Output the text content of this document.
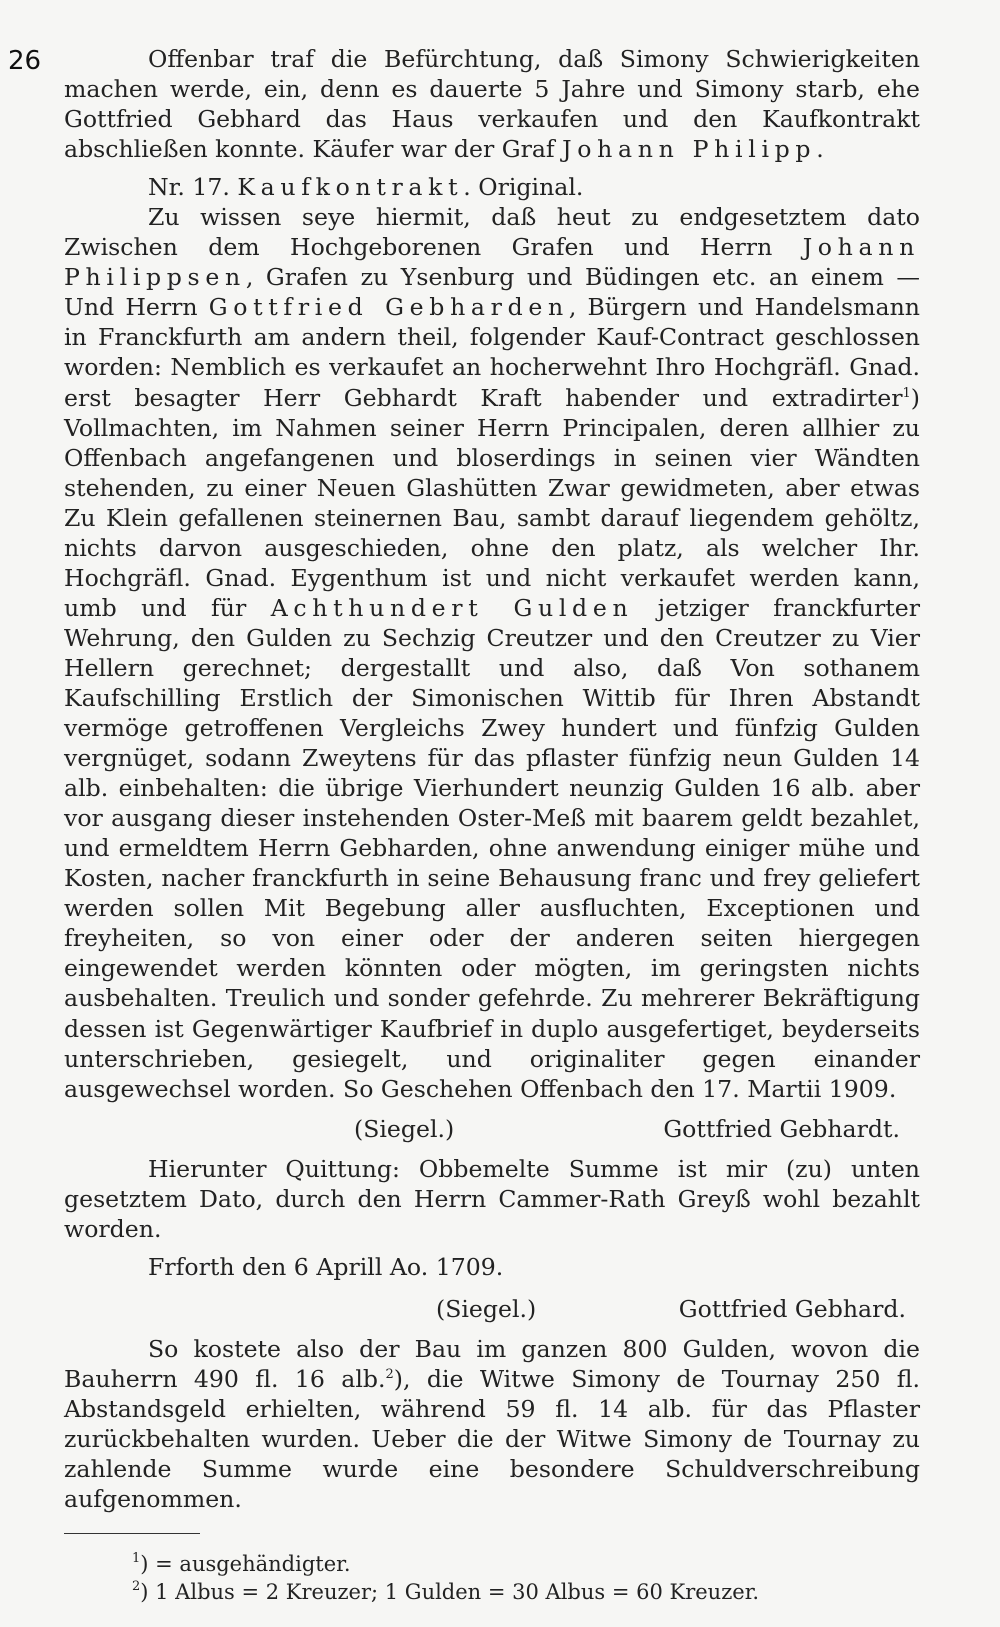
26	Offenbar traf die Befürchtung, daß Simony Schwierigkeiten machen werde, ein, denn es dauerte 5 Jahre und Simony starb, ehe Gottfried Gebhard das Haus verkaufen und den Kaufkontrakt abschließen konnte. Käufer war der Graf Johann Philipp.

Nr. 17. Kaufkontrakt. Original.

Zu wissen seye hiermit, daß heut zu endgesetztem dato Zwischen dem Hochgeborenen Grafen und Herrn Johann Philippsen, Grafen zu Ysenburg und Büdingen etc. an einem — Und Herrn Gottfried Gebharden, Bürgern und Handelsmann in Franckfurth am andern theil, folgender Kauf-Contract geschlossen worden: Nemblich es verkaufet an hocherwehnt Ihro Hochgräfl. Gnad. erst besagter Herr Gebhardt Kraft habender und extradirter$^1$) Vollmachten, im Nahmen seiner Herrn Principalen, deren allhier zu Offenbach angefangenen und bloserdings in seinen vier Wändten stehenden, zu einer Neuen Glashütten Zwar gewidmeten, aber etwas Zu Klein gefallenen steinernen Bau, sambt darauf liegendem gehöltz, nichts darvon ausgeschieden, ohne den platz, als welcher Ihr. Hochgräfl. Gnad. Eygenthum ist und nicht verkaufet werden kann, umb und für Achthundert Gulden jetziger franckfurter Wehrung, den Gulden zu Sechzig Creutzer und den Creutzer zu Vier Hellern gerechnet; dergestallt und also, daß Von sothanem Kaufschilling Erstlich der Simonischen Wittib für Ihren Abstandt vermöge getroffenen Vergleichs Zwey hundert und fünfzig Gulden vergnüget, sodann Zweytens für das pflaster fünfzig neun Gulden 14 alb. einbehalten: die übrige Vierhundert neunzig Gulden 16 alb. aber vor ausgang dieser instehenden Oster-Meß mit baarem geldt bezahlet, und ermeldtem Herrn Gebharden, ohne anwendung einiger mühe und Kosten, nacher franckfurth in seine Behausung franc und frey geliefert werden sollen Mit Begebung aller ausfluchten, Exceptionen und freyheiten, so von einer oder der anderen seiten hiergegen eingewendet werden könnten oder mögten, im geringsten nichts ausbehalten. Treulich und sonder gefehrde. Zu mehrerer Bekräftigung dessen ist Gegenwärtiger Kaufbrief in duplo ausgefertiget, beyderseits unterschrieben, gesiegelt, und originaliter gegen einander ausgewechsel worden. So Geschehen Offenbach den 17. Martii 1909.

(Siegel.)	Gottfried Gebhardt.

Hierunter Quittung: Obbemelte Summe ist mir (zu) unten gesetztem Dato, durch den Herrn Cammer-Rath Greyß wohl bezahlt worden.

Frforth den 6 Aprill Ao. 1709.

(Siegel.)	Gottfried Gebhard.

So kostete also der Bau im ganzen 800 Gulden, wovon die Bauherrn 490 fl. 16 alb.$^2$), die Witwe Simony de Tournay 250 fl. Abstandsgeld erhielten, während 59 fl. 14 alb. für das Pflaster zurückbehalten wurden. Ueber die der Witwe Simony de Tournay zu zahlende Summe wurde eine besondere Schuldverschreibung aufgenommen.

$^1$) = ausgehändigter.
$^2$) 1 Albus = 2 Kreuzer; 1 Gulden = 30 Albus = 60 Kreuzer.
